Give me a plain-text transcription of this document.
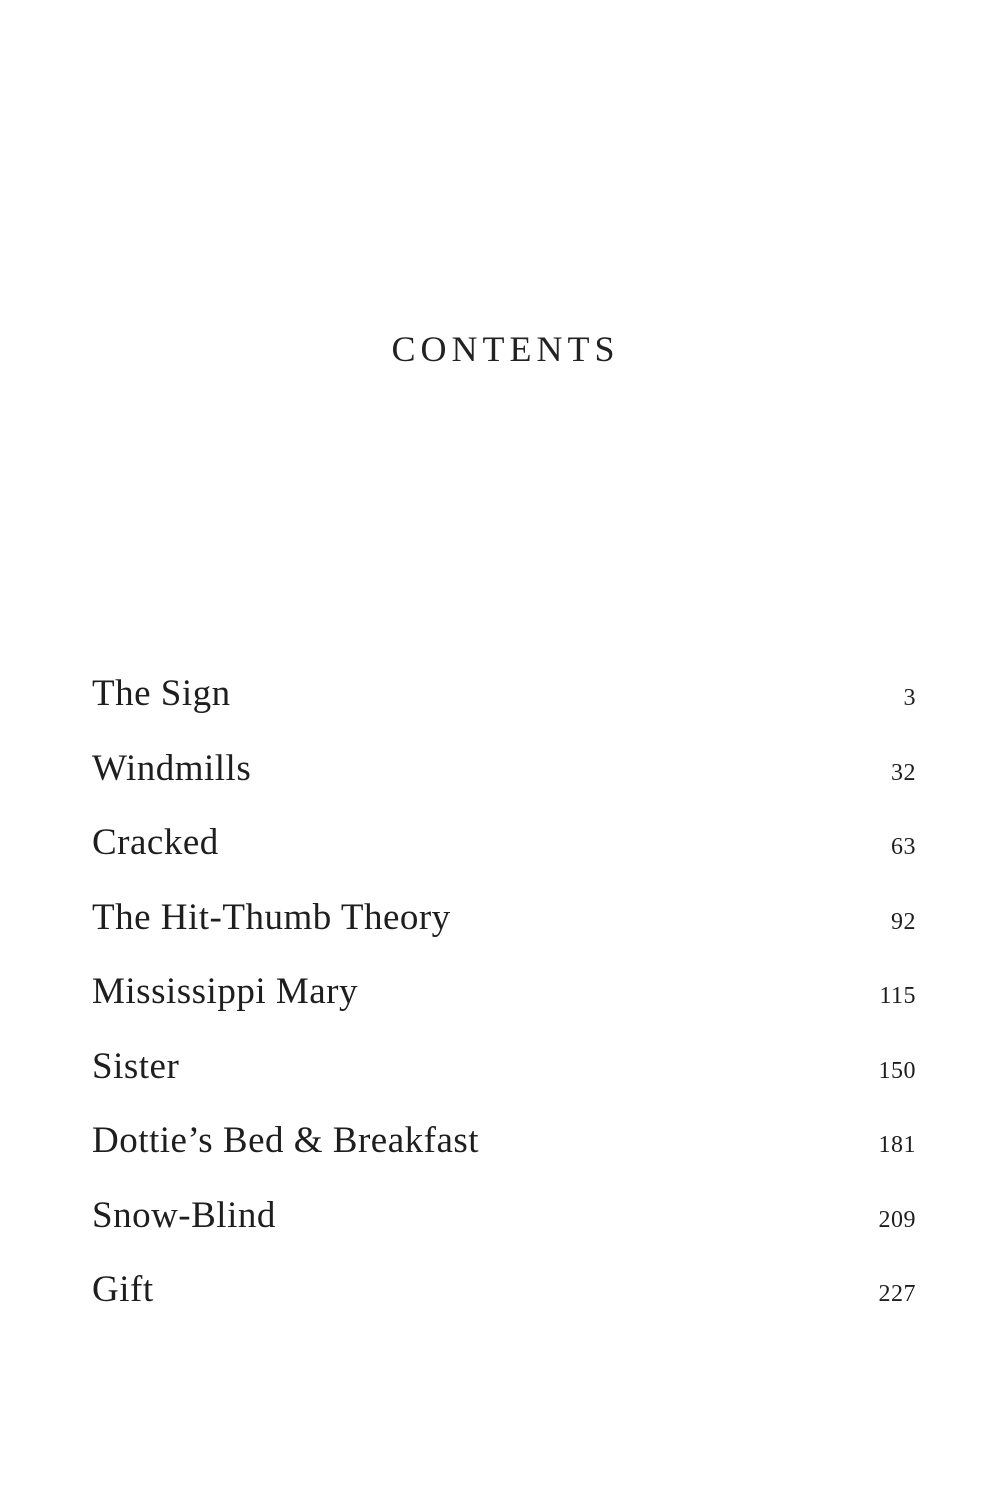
CONTENTS
The Sign	3
Windmills	32
Cracked	63
The Hit-Thumb Theory	92
Mississippi Mary	115
Sister	150
Dottie’s Bed & Breakfast	181
Snow-Blind	209
Gift	227
